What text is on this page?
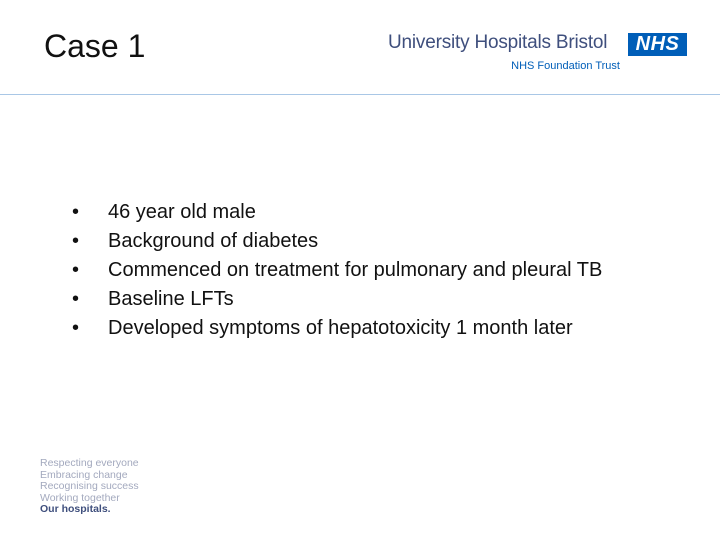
Case 1	University Hospitals Bristol	NHS
NHS Foundation Trust
•	46 year old male
•	Background of diabetes
•	Commenced on treatment for pulmonary and pleural TB
•	Baseline LFTs
•	Developed symptoms of hepatotoxicity 1 month later
Respecting everyone
Embracing change
Recognising success
Working together
Our hospitals.
